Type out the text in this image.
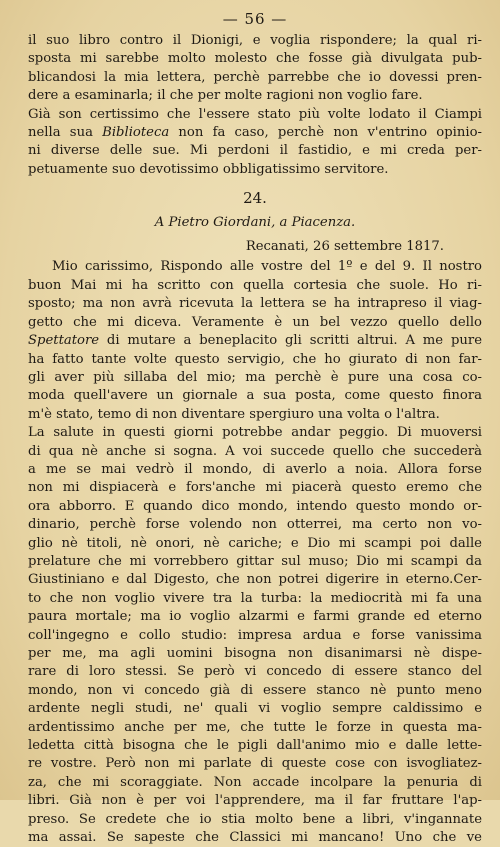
— 56 —
il suo libro contro il Dionigi, e voglia rispondere; la qual ri-
sposta mi sarebbe molto molesto che fosse già divulgata pub-
blicandosi la mia lettera, perchè parrebbe che io dovessi pren-
dere a esaminarla; il che per molte ragioni non voglio fare.
Già son certissimo che l'essere stato più volte lodato il Ciampi
nella sua Biblioteca non fa caso, perchè non v'entrino opinio-
ni diverse delle sue. Mi perdoni il fastidio, e mi creda per-
petuamente suo devotissimo obbligatissimo servitore.
24.
A Pietro Giordani, a Piacenza.
Recanati, 26 settembre 1817.
Mio carissimo, Rispondo alle vostre del 1º e del 9. Il nostro
buon Mai mi ha scritto con quella cortesia che suole. Ho ri-
sposto; ma non avrà ricevuta la lettera se ha intrapreso il viag-
getto che mi diceva. Veramente è un bel vezzo quello dello
Spettatore di mutare a beneplacito gli scritti altrui. A me pure
ha fatto tante volte questo servigio, che ho giurato di non far-
gli aver più sillaba del mio; ma perchè è pure una cosa co-
moda quell'avere un giornale a sua posta, come questo finora
m'è stato, temo di non diventare spergiuro una volta o l'altra.
La salute in questi giorni potrebbe andar peggio. Di muoversi
di qua nè anche si sogna. A voi succede quello che succederà
a me se mai vedrò il mondo, di averlo a noia. Allora forse
non mi dispiacerà e fors'anche mi piacerà questo eremo che
ora abborro. E quando dico mondo, intendo questo mondo or-
dinario, perchè forse volendo non otterrei, ma certo non vo-
glio nè titoli, nè onori, nè cariche; e Dio mi scampi poi dalle
prelature che mi vorrebbero gittar sul muso; Dio mi scampi da
Giustiniano e dal Digesto, che non potrei digerire in eterno.Cer-
to che non voglio vivere tra la turba: la mediocrità mi fa una
paura mortale; ma io voglio alzarmi e farmi grande ed eterno
coll'ingegno e collo studio: impresa ardua e forse vanissima
per me, ma agli uomini bisogna non disanimarsi nè dispe-
rare di loro stessi. Se però vi concedo di essere stanco del
mondo, non vi concedo già di essere stanco nè punto meno
ardente negli studi, ne' quali vi voglio sempre caldissimo e
ardentissimo anche per me, che tutte le forze in questa ma-
ledetta città bisogna che le pigli dall'animo mio e dalle lette-
re vostre. Però non mi parlate di queste cose con isvogliatez-
za, che mi scoraggiate. Non accade incolpare la penuria di
libri. Già non è per voi l'apprendere, ma il far fruttare l'ap-
preso. Se credete che io stia molto bene a libri, v'ingannate
ma assai. Se sapeste che Classici mi mancano! Uno che ve
